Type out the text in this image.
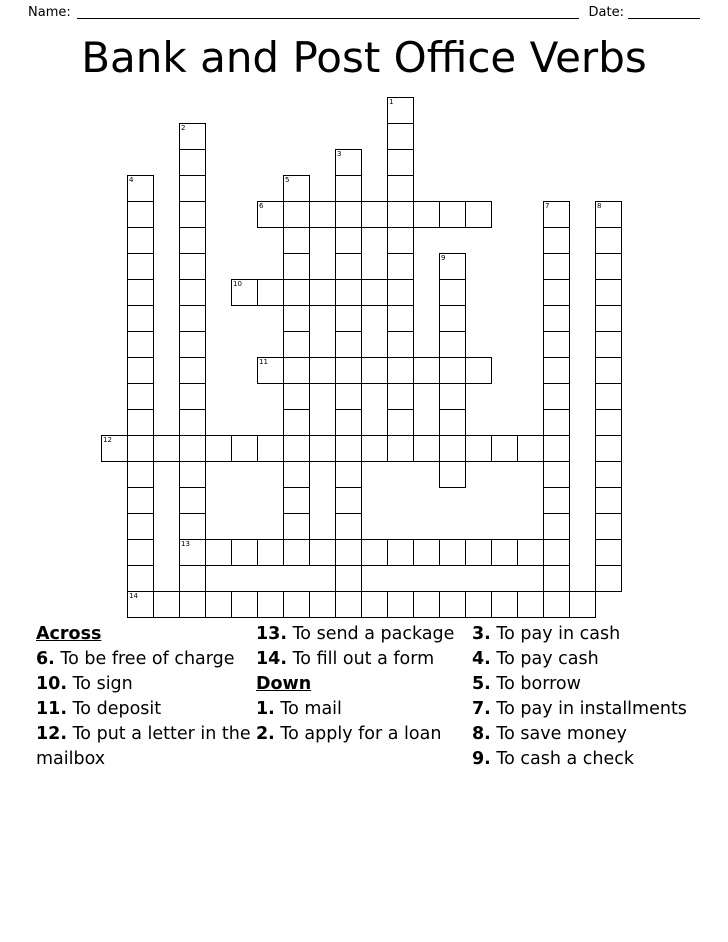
Name:	Date:
Bank and Post Office Verbs
1
2
13
3
4
14
5
6	7	8
9
10
11
12
Across
6. To be free of charge
10. To sign
11. To deposit
12. To put a letter in the mailbox
13. To send a package
14. To fill out a form
Down
1. To mail
2. To apply for a loan
3. To pay in cash
4. To pay cash
5. To borrow
7. To pay in installments
8. To save money
9. To cash a check
